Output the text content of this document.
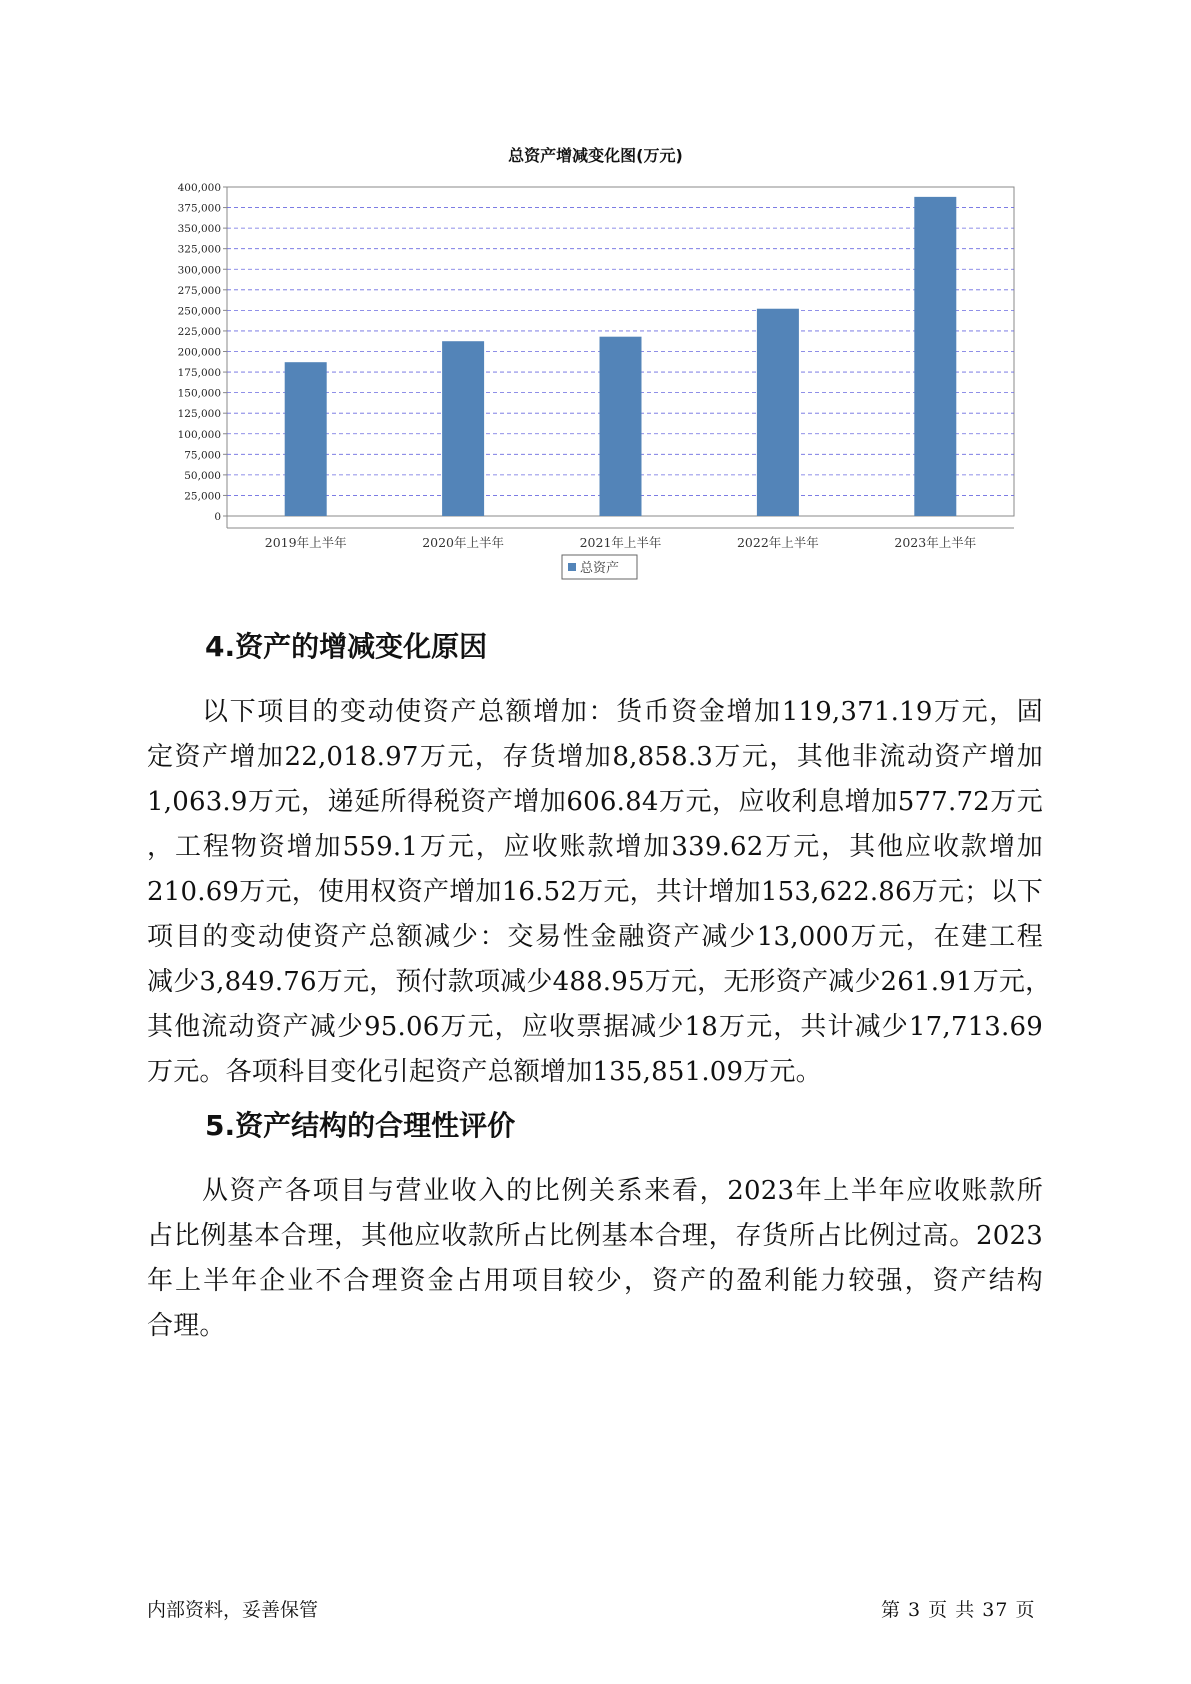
总资产增减变化图(万元)
0
25,000
50,000
75,000
100,000
125,000
150,000
175,000
200,000
225,000
250,000
275,000
300,000
325,000
350,000
375,000
400,000
2019年上半年	2020年上半年	2021年上半年	2022年上半年	2023年上半年
总资产
4.资产的增减变化原因
以下项目的变动使资产总额增加：货币资金增加119,371.19万元，固
定资产增加22,018.97万元，存货增加8,858.3万元，其他非流动资产增加
1,063.9万元，递延所得税资产增加606.84万元，应收利息增加577.72万元
，工程物资增加559.1万元，应收账款增加339.62万元，其他应收款增加
210.69万元，使用权资产增加16.52万元，共计增加153,622.86万元；以下
项目的变动使资产总额减少：交易性金融资产减少13,000万元，在建工程
减少3,849.76万元，预付款项减少488.95万元，无形资产减少261.91万元，
其他流动资产减少95.06万元，应收票据减少18万元，共计减少17,713.69
万元。各项科目变化引起资产总额增加135,851.09万元。
5.资产结构的合理性评价
从资产各项目与营业收入的比例关系来看，2023年上半年应收账款所
占比例基本合理，其他应收款所占比例基本合理，存货所占比例过高。2023
年上半年企业不合理资金占用项目较少，资产的盈利能力较强，资产结构
合理。
内部资料，妥善保管	第 3 页 共 37 页
